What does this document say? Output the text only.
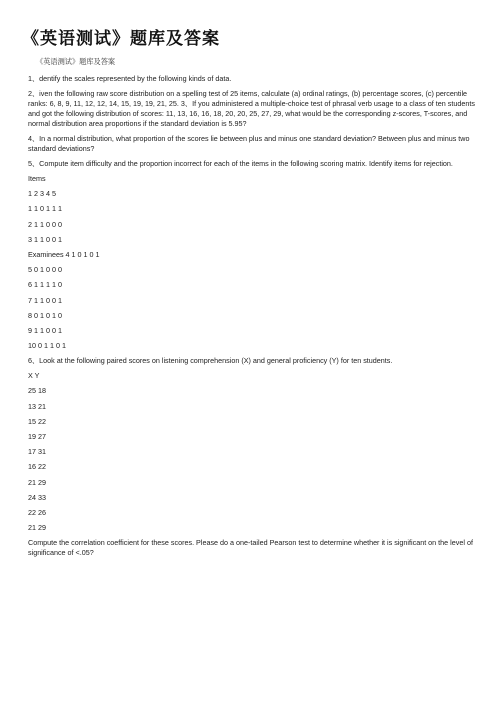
《英语测试》题库及答案
《英语测试》题库及答案

1、dentify the scales represented by the following kinds of data.

2、iven the following raw score distribution on a spelling test of 25 items, calculate (a) ordinal ratings, (b) percentage scores, (c) percentile ranks: 6, 8, 9, 11, 12, 12, 14, 15, 19, 19, 21, 25. 3、If you administered a multiple-choice test of phrasal verb usage to a class of ten students and got the following distribution of scores: 11, 13, 16, 16, 18, 20, 20, 25, 27, 29, what would be the corresponding z-scores, T-scores, and normal distribution area proportions if the standard deviation is 5.95?

4、In a normal distribution, what proportion of the scores lie between plus and minus one standard deviation? Between plus and minus two standard deviations?

5、Compute item difficulty and the proportion incorrect for each of the items in the following scoring matrix. Identify items for rejection.

Items
1 2 3 4 5
1 1 0 1 1 1
2 1 1 0 0 0
3 1 1 0 0 1
Examinees 4 1 0 1 0 1
5 0 1 0 0 0
6 1 1 1 1 0
7 1 1 0 0 1
8 0 1 0 1 0
9 1 1 0 0 1
10 0 1 1 0 1

6、Look at the following paired scores on listening comprehension (X) and general proficiency (Y) for ten students.

X Y
25 18
13 21
15 22
19 27
17 31
16 22
21 29
24 33
22 26
21 29

Compute the correlation coefficient for these scores. Please do a one-tailed Pearson test to determine whether it is significant on the level of significance of <.05?
